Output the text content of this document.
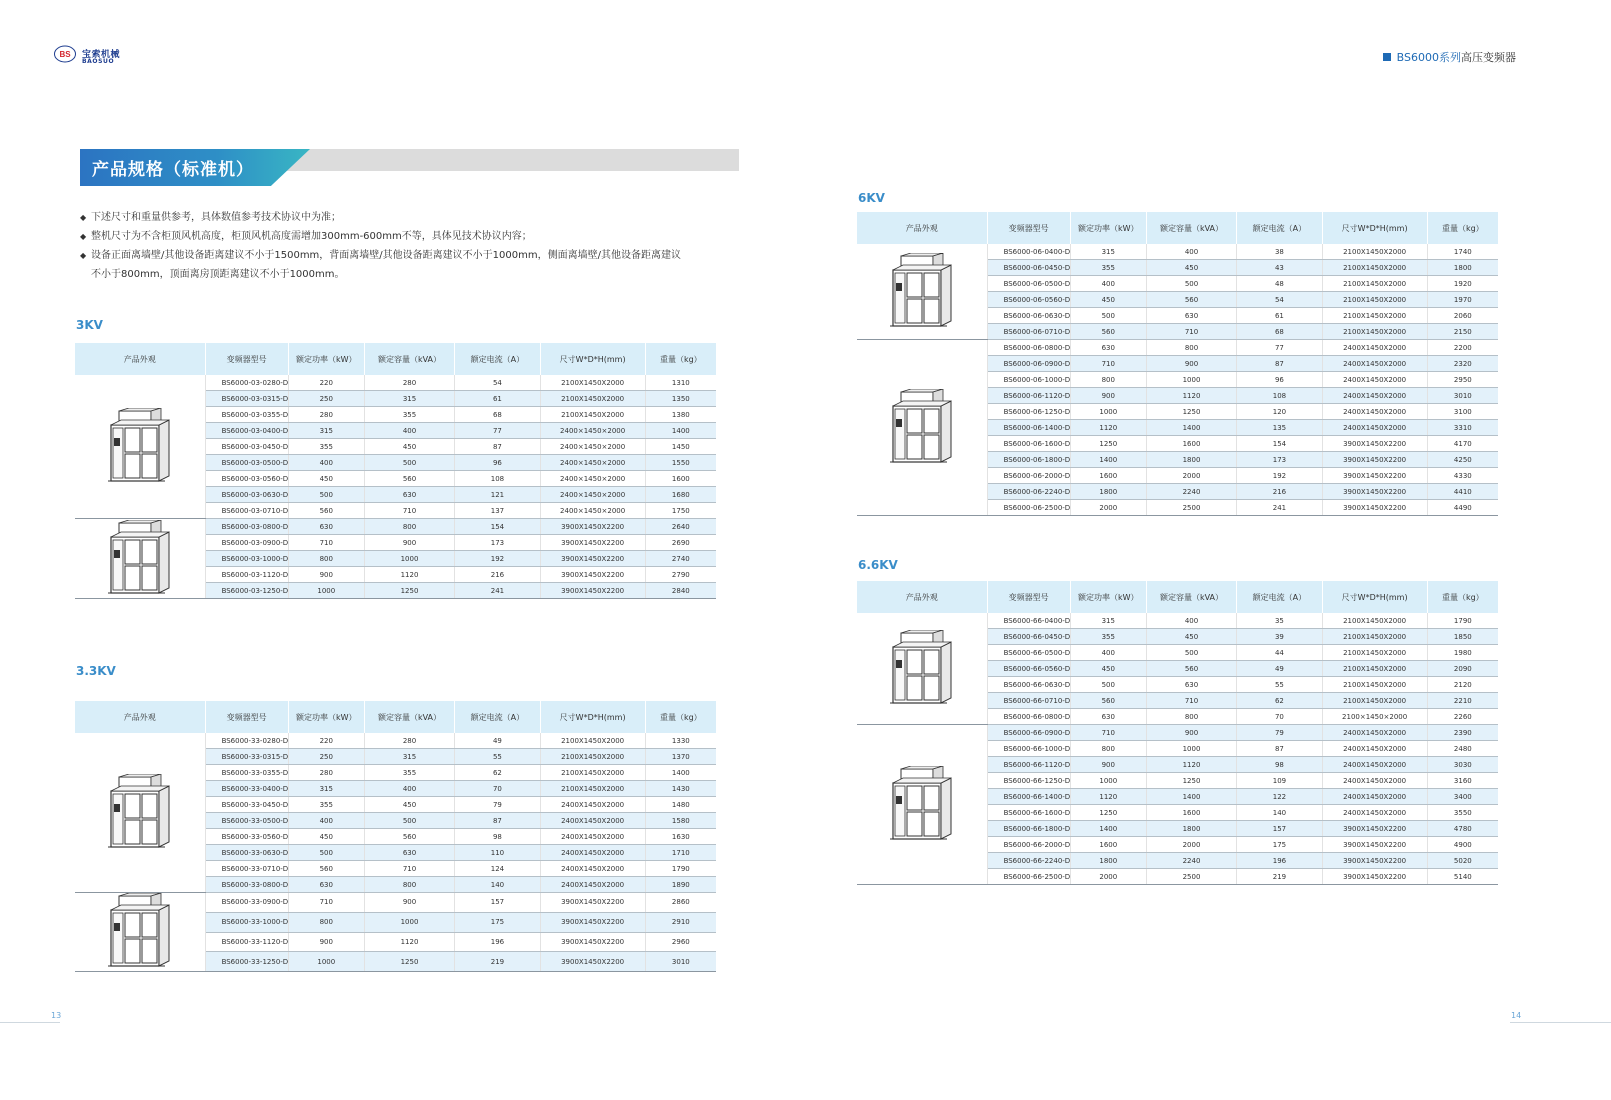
BS 宝索机械
BAOSUO	BS6000系列高压变频器
产品规格（标准机）
◆ 下述尺寸和重量供参考，具体数值参考技术协议中为准；
◆ 整机尺寸为不含柜顶风机高度，柜顶风机高度需增加300mm-600mm不等，具体见技术协议内容；
◆ 设备正面离墙壁/其他设备距离建议不小于1500mm，背面离墙壁/其他设备距离建议不小于1000mm，侧面离墙壁/其他设备距离建议
不小于800mm，顶面离房顶距离建议不小于1000mm。
3KV
3.3KV
6KV
6.6KV
产品外观	变频器型号	额定功率（kW）	额定容量（kVA）	额定电流（A）	尺寸W*D*H(mm)	重量（kg）

	BS6000-03-0280-D	220	280	54	2100X1450X2000	1310
	BS6000-03-0315-D	250	315	61	2100X1450X2000	1350
	BS6000-03-0355-D	280	355	68	2100X1450X2000	1380
	BS6000-03-0400-D	315	400	77	2400×1450×2000	1400
	BS6000-03-0450-D	355	450	87	2400×1450×2000	1450
	BS6000-03-0500-D	400	500	96	2400×1450×2000	1550
	BS6000-03-0560-D	450	560	108	2400×1450×2000	1600
	BS6000-03-0630-D	500	630	121	2400×1450×2000	1680
	BS6000-03-0710-D	560	710	137	2400×1450×2000	1750

	BS6000-03-0800-D	630	800	154	3900X1450X2200	2640
	BS6000-03-0900-D	710	900	173	3900X1450X2200	2690
	BS6000-03-1000-D	800	1000	192	3900X1450X2200	2740
	BS6000-03-1120-D	900	1120	216	3900X1450X2200	2790
	BS6000-03-1250-D	1000	1250	241	3900X1450X2200	2840
产品外观	变频器型号	额定功率（kW）	额定容量（kVA）	额定电流（A）	尺寸W*D*H(mm)	重量（kg）

	BS6000-33-0280-D	220	280	49	2100X1450X2000	1330
	BS6000-33-0315-D	250	315	55	2100X1450X2000	1370
	BS6000-33-0355-D	280	355	62	2100X1450X2000	1400
	BS6000-33-0400-D	315	400	70	2100X1450X2000	1430
	BS6000-33-0450-D	355	450	79	2400X1450X2000	1480
	BS6000-33-0500-D	400	500	87	2400X1450X2000	1580
	BS6000-33-0560-D	450	560	98	2400X1450X2000	1630
	BS6000-33-0630-D	500	630	110	2400X1450X2000	1710
	BS6000-33-0710-D	560	710	124	2400X1450X2000	1790
	BS6000-33-0800-D	630	800	140	2400X1450X2000	1890

	BS6000-33-0900-D	710	900	157	3900X1450X2200	2860
	BS6000-33-1000-D	800	1000	175	3900X1450X2200	2910
	BS6000-33-1120-D	900	1120	196	3900X1450X2200	2960
	BS6000-33-1250-D	1000	1250	219	3900X1450X2200	3010
产品外观	变频器型号	额定功率（kW）	额定容量（kVA）	额定电流（A）	尺寸W*D*H(mm)	重量（kg）

	BS6000-06-0400-D	315	400	38	2100X1450X2000	1740
	BS6000-06-0450-D	355	450	43	2100X1450X2000	1800
	BS6000-06-0500-D	400	500	48	2100X1450X2000	1920
	BS6000-06-0560-D	450	560	54	2100X1450X2000	1970
	BS6000-06-0630-D	500	630	61	2100X1450X2000	2060
	BS6000-06-0710-D	560	710	68	2100X1450X2000	2150

	BS6000-06-0800-D	630	800	77	2400X1450X2000	2200
	BS6000-06-0900-D	710	900	87	2400X1450X2000	2320
	BS6000-06-1000-D	800	1000	96	2400X1450X2000	2950
	BS6000-06-1120-D	900	1120	108	2400X1450X2000	3010
	BS6000-06-1250-D	1000	1250	120	2400X1450X2000	3100
	BS6000-06-1400-D	1120	1400	135	2400X1450X2000	3310
	BS6000-06-1600-D	1250	1600	154	3900X1450X2200	4170
	BS6000-06-1800-D	1400	1800	173	3900X1450X2200	4250
	BS6000-06-2000-D	1600	2000	192	3900X1450X2200	4330
	BS6000-06-2240-D	1800	2240	216	3900X1450X2200	4410
	BS6000-06-2500-D	2000	2500	241	3900X1450X2200	4490
产品外观	变频器型号	额定功率（kW）	额定容量（kVA）	额定电流（A）	尺寸W*D*H(mm)	重量（kg）

	BS6000-66-0400-D	315	400	35	2100X1450X2000	1790
	BS6000-66-0450-D	355	450	39	2100X1450X2000	1850
	BS6000-66-0500-D	400	500	44	2100X1450X2000	1980
	BS6000-66-0560-D	450	560	49	2100X1450X2000	2090
	BS6000-66-0630-D	500	630	55	2100X1450X2000	2120
	BS6000-66-0710-D	560	710	62	2100X1450X2000	2210
	BS6000-66-0800-D	630	800	70	2100×1450×2000	2260

	BS6000-66-0900-D	710	900	79	2400X1450X2000	2390
	BS6000-66-1000-D	800	1000	87	2400X1450X2000	2480
	BS6000-66-1120-D	900	1120	98	2400X1450X2000	3030
	BS6000-66-1250-D	1000	1250	109	2400X1450X2000	3160
	BS6000-66-1400-D	1120	1400	122	2400X1450X2000	3400
	BS6000-66-1600-D	1250	1600	140	2400X1450X2000	3550
	BS6000-66-1800-D	1400	1800	157	3900X1450X2200	4780
	BS6000-66-2000-D	1600	2000	175	3900X1450X2200	4900
	BS6000-66-2240-D	1800	2240	196	3900X1450X2200	5020
	BS6000-66-2500-D	2000	2500	219	3900X1450X2200	5140
13	14
